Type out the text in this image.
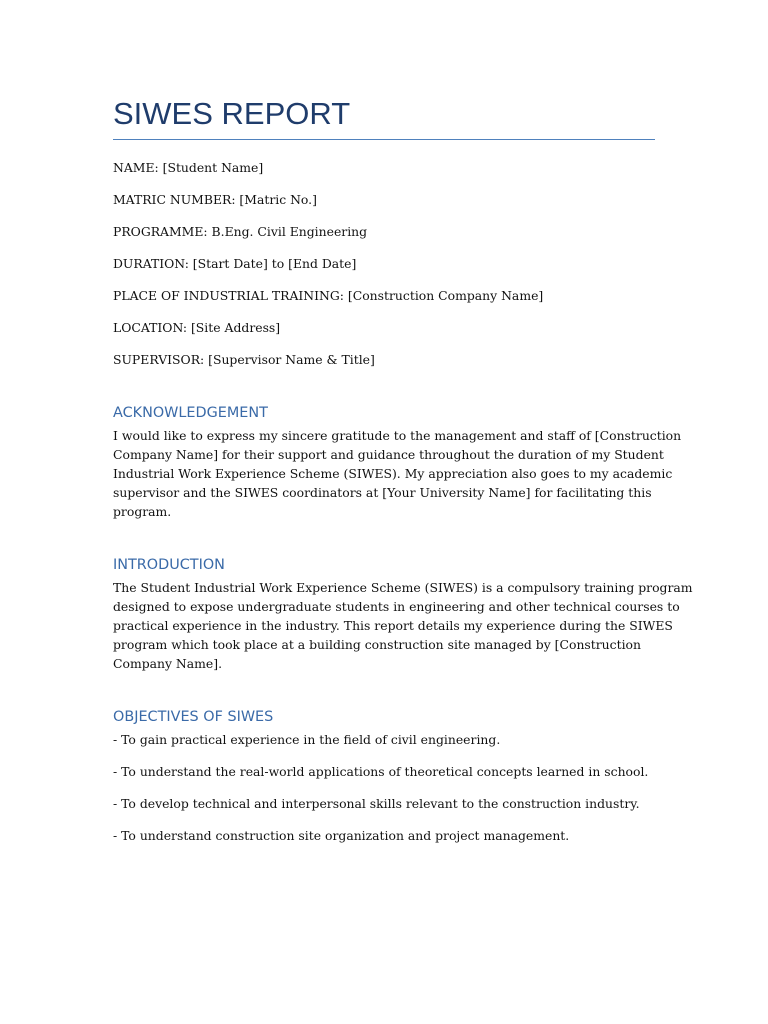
SIWES REPORT

NAME: [Student Name]

MATRIC NUMBER: [Matric No.]

PROGRAMME: B.Eng. Civil Engineering

DURATION: [Start Date] to [End Date]

PLACE OF INDUSTRIAL TRAINING: [Construction Company Name]

LOCATION: [Site Address]

SUPERVISOR: [Supervisor Name & Title]

ACKNOWLEDGEMENT

I would like to express my sincere gratitude to the management and staff of [Construction

Company Name] for their support and guidance throughout the duration of my Student

Industrial Work Experience Scheme (SIWES). My appreciation also goes to my academic

supervisor and the SIWES coordinators at [Your University Name] for facilitating this

program.

INTRODUCTION

The Student Industrial Work Experience Scheme (SIWES) is a compulsory training program

designed to expose undergraduate students in engineering and other technical courses to

practical experience in the industry. This report details my experience during the SIWES

program which took place at a building construction site managed by [Construction

Company Name].

OBJECTIVES OF SIWES

- To gain practical experience in the field of civil engineering.

- To understand the real-world applications of theoretical concepts learned in school.

- To develop technical and interpersonal skills relevant to the construction industry.

- To understand construction site organization and project management.
